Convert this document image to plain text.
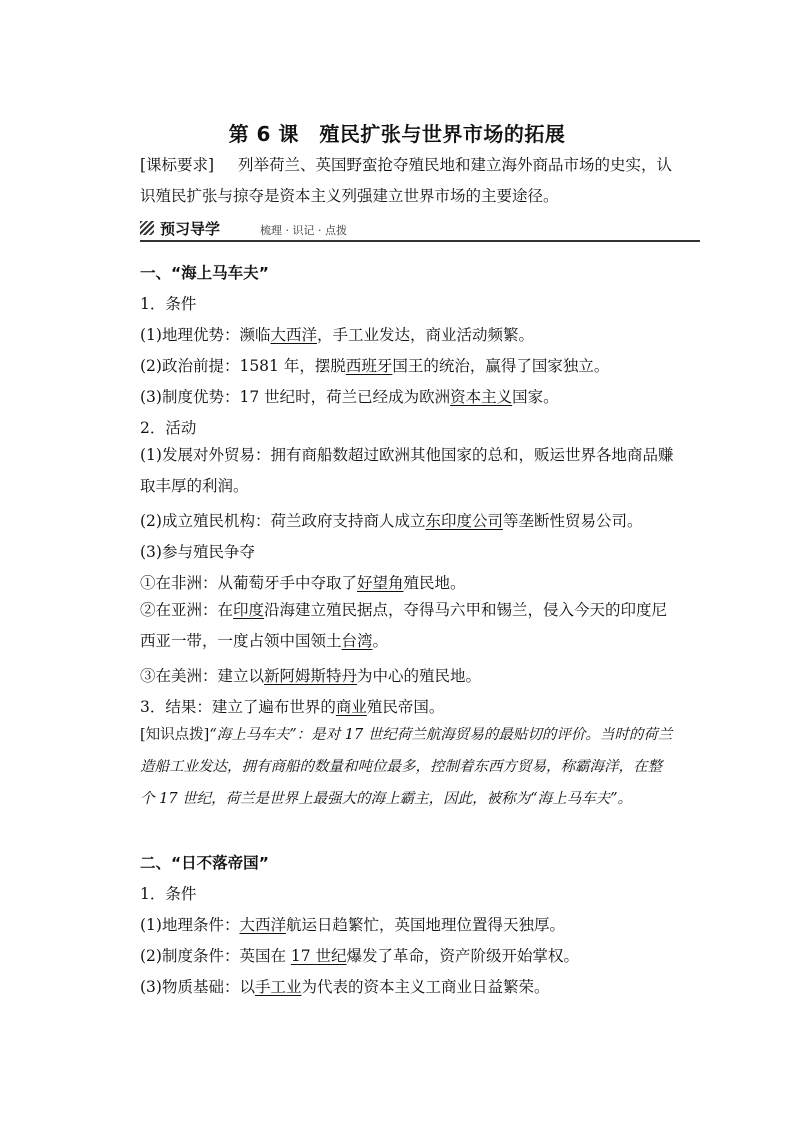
第 6 课　殖民扩张与世界市场的拓展
[课标要求] 列举荷兰、英国野蛮抢夺殖民地和建立海外商品市场的史实，认识殖民扩张与掠夺是资本主义列强建立世界市场的主要途径。
预习导学	梳理 · 识记 · 点拨
一、“海上马车夫”
1．条件
(1)地理优势：濒临大西洋，手工业发达，商业活动频繁。
(2)政治前提：1581 年，摆脱西班牙国王的统治，赢得了国家独立。
(3)制度优势：17 世纪时，荷兰已经成为欧洲资本主义国家。
2．活动
(1)发展对外贸易：拥有商船数超过欧洲其他国家的总和，贩运世界各地商品赚取丰厚的利润。
(2)成立殖民机构：荷兰政府支持商人成立东印度公司等垄断性贸易公司。
(3)参与殖民争夺
①在非洲：从葡萄牙手中夺取了好望角殖民地。
②在亚洲：在印度沿海建立殖民据点，夺得马六甲和锡兰，侵入今天的印度尼西亚一带，一度占领中国领土台湾。
③在美洲：建立以新阿姆斯特丹为中心的殖民地。
3．结果：建立了遍布世界的商业殖民帝国。
[知识点拨]“海上马车夫”：是对 17 世纪荷兰航海贸易的最贴切的评价。当时的荷兰造船工业发达，拥有商船的数量和吨位最多，控制着东西方贸易，称霸海洋，在整个 17 世纪，荷兰是世界上最强大的海上霸主，因此，被称为“海上马车夫”。
二、“日不落帝国”
1．条件
(1)地理条件：大西洋航运日趋繁忙，英国地理位置得天独厚。
(2)制度条件：英国在 17 世纪爆发了革命，资产阶级开始掌权。
(3)物质基础：以手工业为代表的资本主义工商业日益繁荣。
